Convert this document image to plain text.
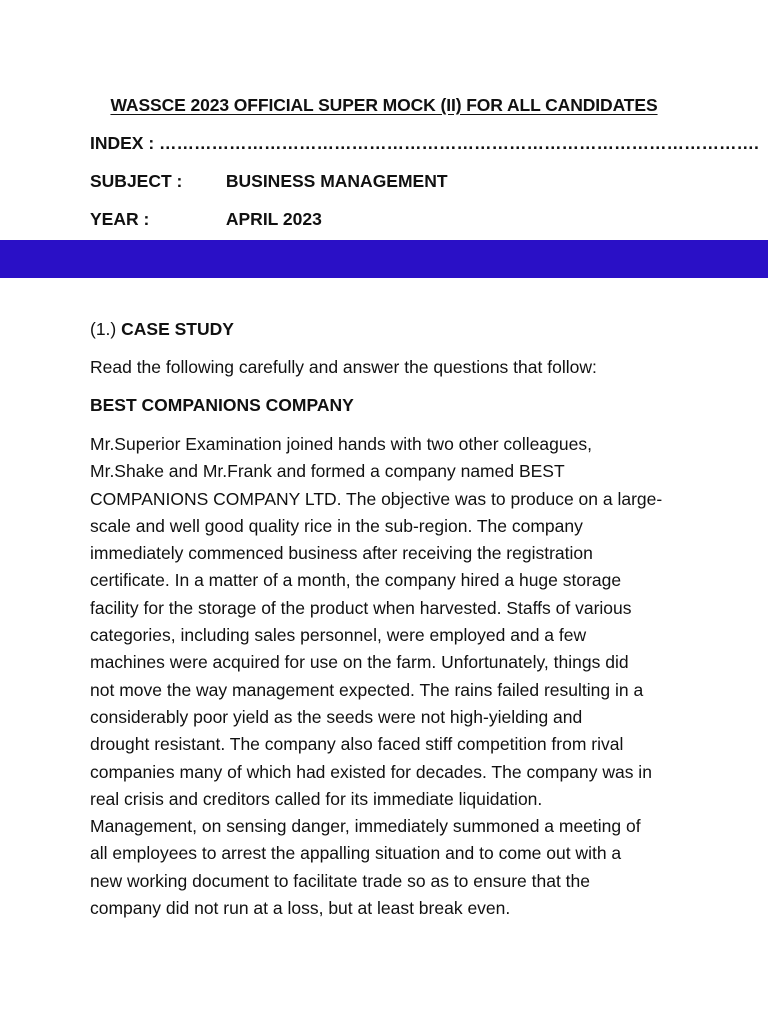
WASSCE 2023 OFFICIAL SUPER MOCK (II) FOR ALL CANDIDATES
INDEX : ………………………………………………………………………………………….
SUBJECT : BUSINESS MANAGEMENT
YEAR :	APRIL 2023
(1.) CASE STUDY
Read the following carefully and answer the questions that follow:
BEST COMPANIONS COMPANY
Mr.Superior Examination joined hands with two other colleagues,
Mr.Shake and Mr.Frank and formed a company named BEST
COMPANIONS COMPANY LTD. The objective was to produce on a large-
scale and well good quality rice in the sub-region. The company
immediately commenced business after receiving the registration
certificate. In a matter of a month, the company hired a huge storage
facility for the storage of the product when harvested. Staffs of various
categories, including sales personnel, were employed and a few
machines were acquired for use on the farm. Unfortunately, things did
not move the way management expected. The rains failed resulting in a
considerably poor yield as the seeds were not high-yielding and
drought resistant. The company also faced stiff competition from rival
companies many of which had existed for decades. The company was in
real crisis and creditors called for its immediate liquidation.
Management, on sensing danger, immediately summoned a meeting of
all employees to arrest the appalling situation and to come out with a
new working document to facilitate trade so as to ensure that the
company did not run at a loss, but at least break even.
